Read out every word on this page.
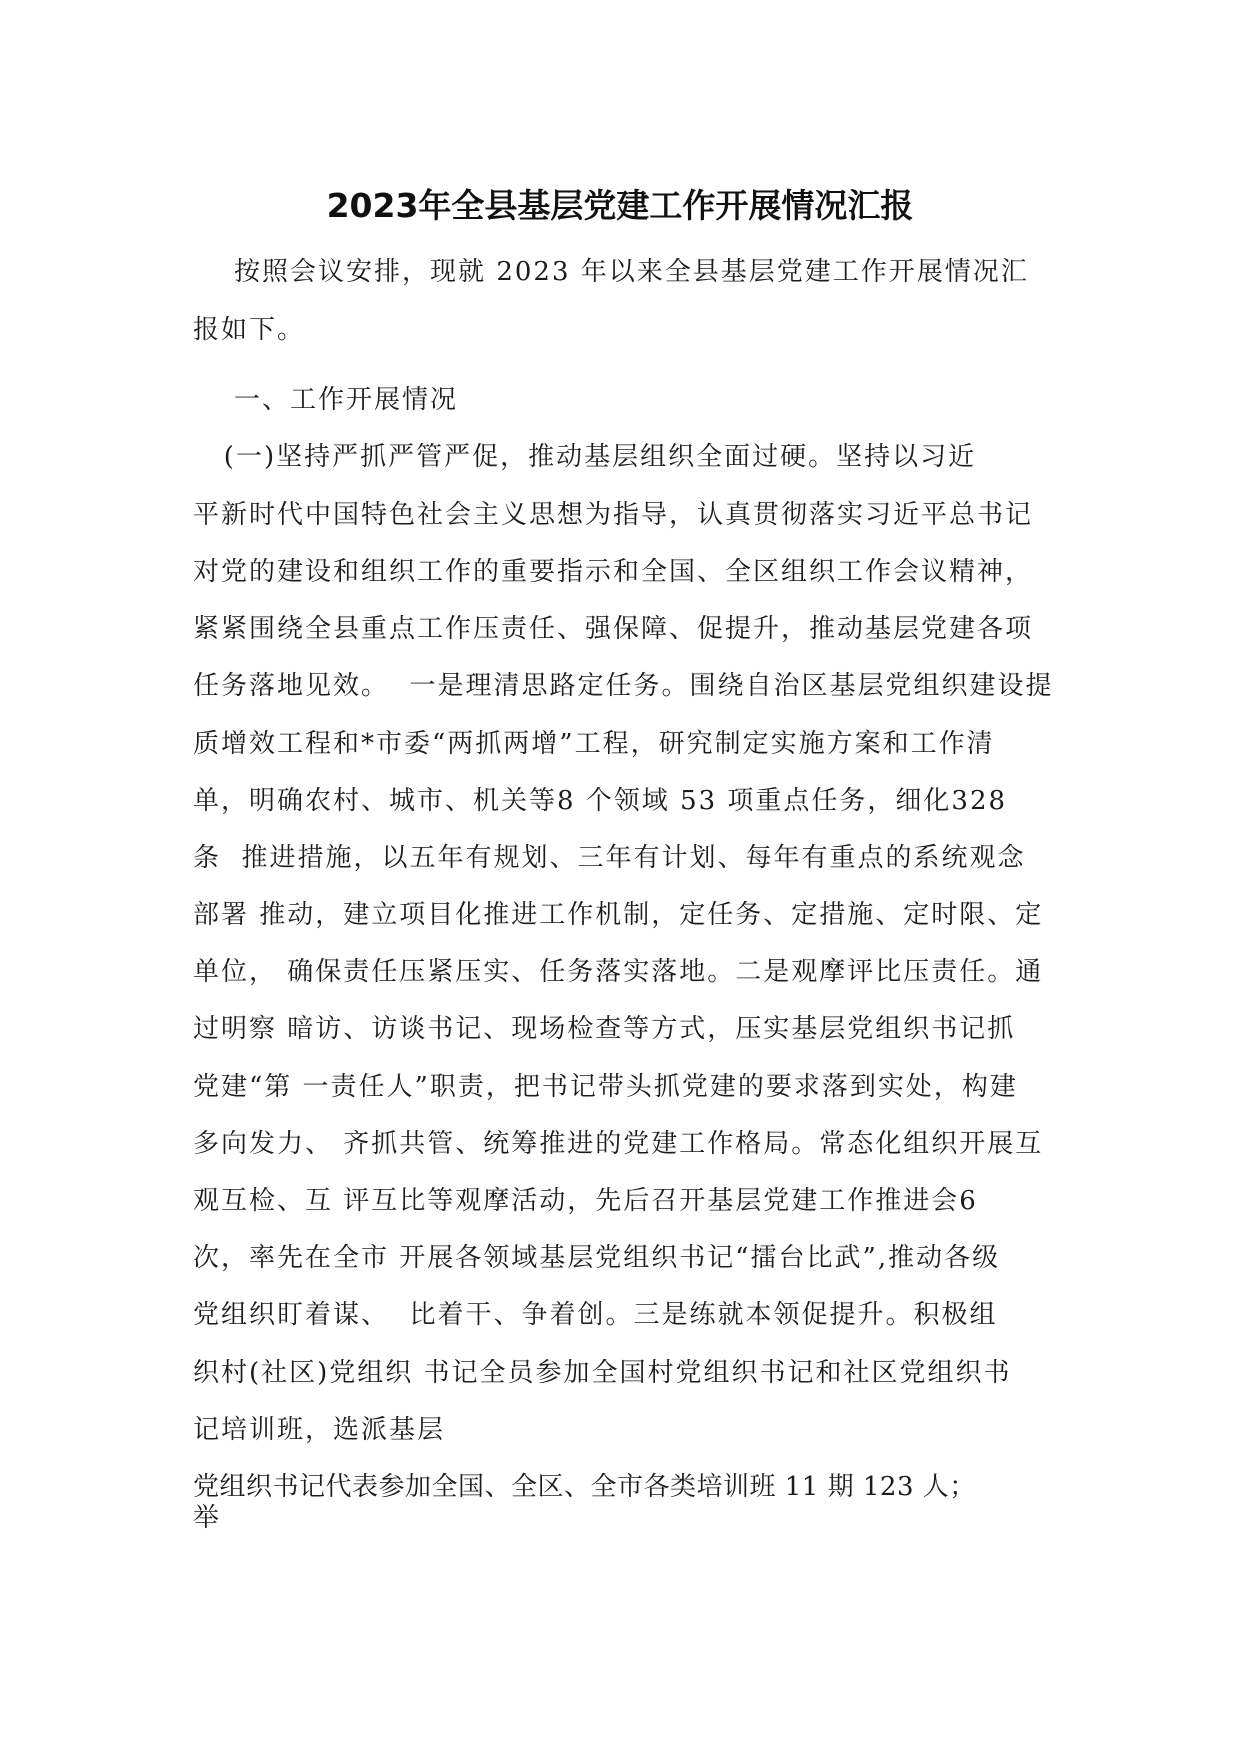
2023年全县基层党建工作开展情况汇报
按照会议安排，现就 2023 年以来全县基层党建工作开展情况汇
报如下。
一、工作开展情况
(一)坚持严抓严管严促，推动基层组织全面过硬。坚持以习近
平新时代中国特色社会主义思想为指导，认真贯彻落实习近平总书记
对党的建设和组织工作的重要指示和全国、全区组织工作会议精神，
紧紧围绕全县重点工作压责任、强保障、促提升，推动基层党建各项
任务落地见效。  一是理清思路定任务。围绕自治区基层党组织建设提
质增效工程和*市委“两抓两增”工程，研究制定实施方案和工作清
单，明确农村、城市、机关等8 个领域 53 项重点任务，细化328
条  推进措施，以五年有规划、三年有计划、每年有重点的系统观念
部署 推动，建立项目化推进工作机制，定任务、定措施、定时限、定
单位， 确保责任压紧压实、任务落实落地。二是观摩评比压责任。通
过明察 暗访、访谈书记、现场检查等方式，压实基层党组织书记抓
党建“第 一责任人”职责，把书记带头抓党建的要求落到实处，构建
多向发力、 齐抓共管、统筹推进的党建工作格局。常态化组织开展互
观互检、互 评互比等观摩活动，先后召开基层党建工作推进会6
次，率先在全市 开展各领域基层党组织书记“擂台比武”,推动各级
党组织盯着谋、  比着干、争着创。三是练就本领促提升。积极组
织村(社区)党组织 书记全员参加全国村党组织书记和社区党组织书
记培训班，选派基层
党组织书记代表参加全国、全区、全市各类培训班 11 期 123 人；
举
